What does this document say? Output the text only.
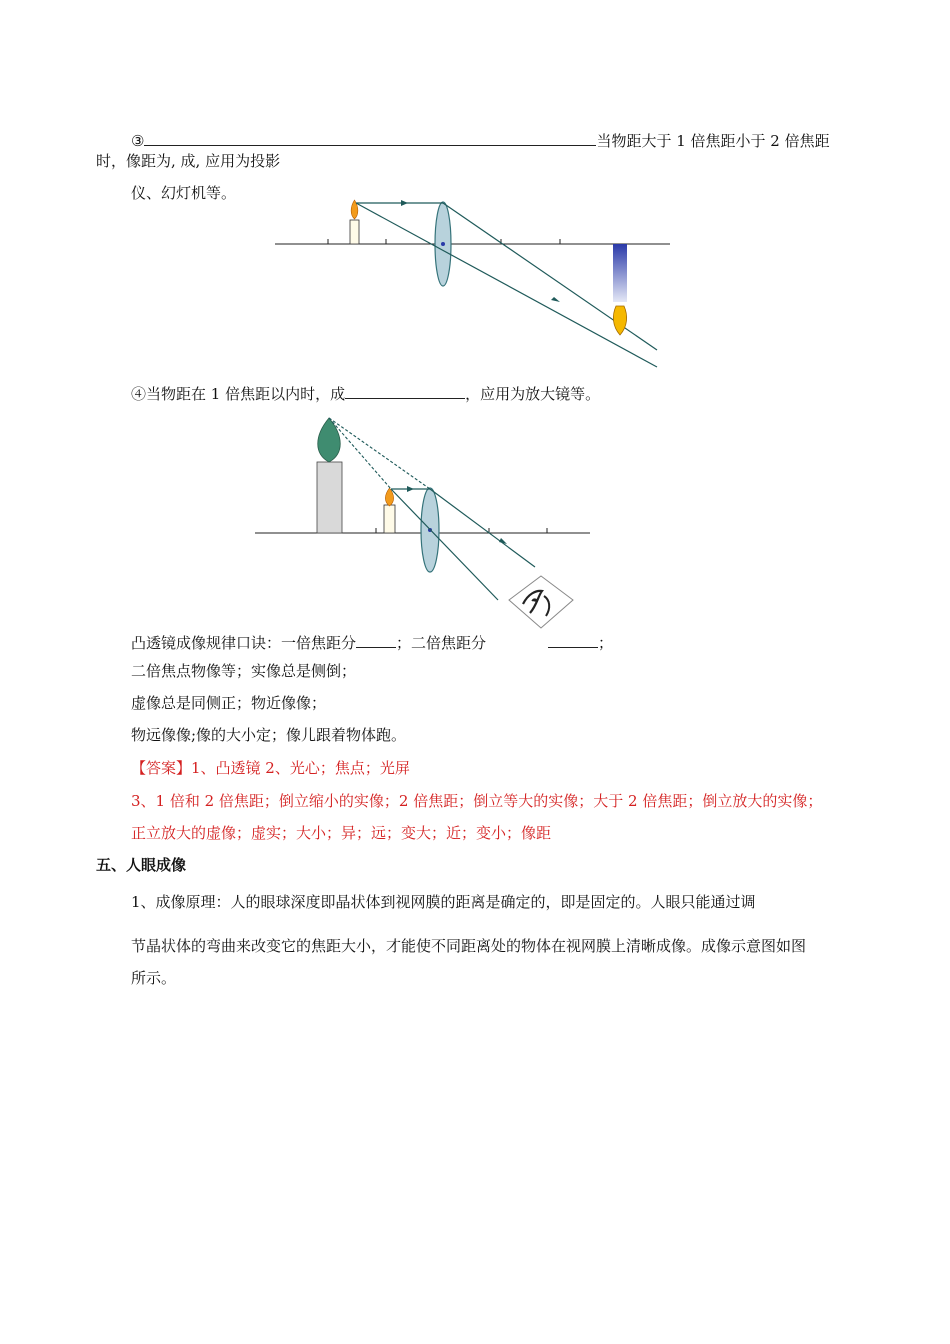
③	当物距大于 1 倍焦距小于 2 倍焦距
时，像距为, 成, 应用为投影
仪、幻灯机等。
④当物距在 1 倍焦距以内时，成	，应用为放大镜等。
凸透镜成像规律口诀：一倍焦距分	；二倍焦距分	；
二倍焦点物像等；实像总是侧倒；
虚像总是同侧正；物近像像；
物远像像;像的大小定；像儿跟着物体跑。
【答案】1、凸透镜 2、光心；焦点；光屏
3、1 倍和 2 倍焦距；倒立缩小的实像；2 倍焦距；倒立等大的实像；大于 2 倍焦距；倒立放大的实像；
正立放大的虚像；虚实；大小；异；远；变大；近；变小；像距
五、人眼成像
1、成像原理：人的眼球深度即晶状体到视网膜的距离是确定的，即是固定的。人眼只能通过调
节晶状体的弯曲来改变它的焦距大小，才能使不同距离处的物体在视网膜上清晰成像。成像示意图如图
所示。
